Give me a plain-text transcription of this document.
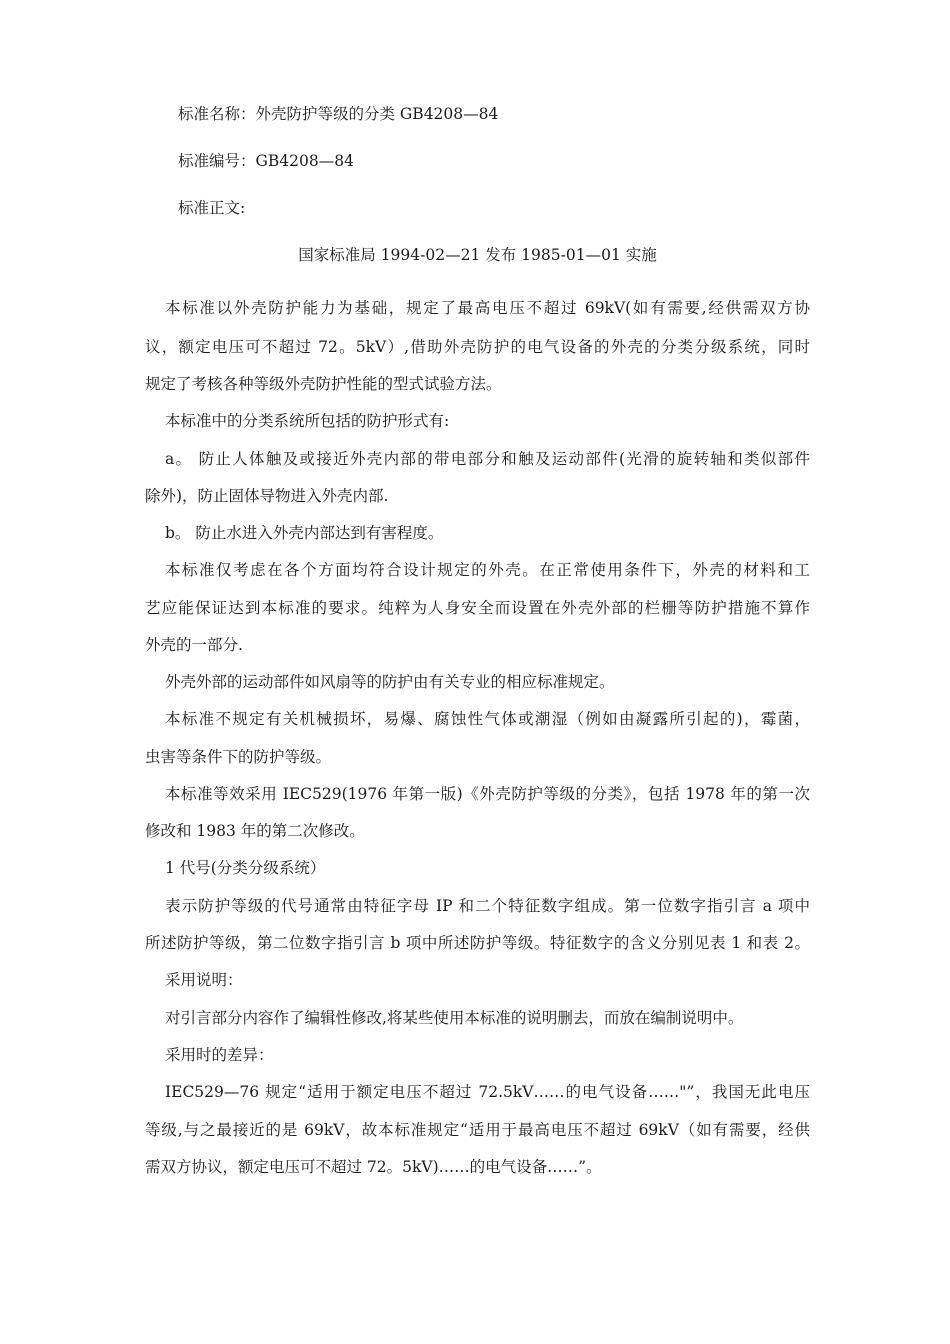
标准名称：外壳防护等级的分类 GB4208—84
标准编号：GB4208—84
标准正文:
国家标准局 1994-02—21 发布 1985-01—01 实施
本标准以外壳防护能力为基础，规定了最高电压不超过 69kV(如有需要,经供需双方协
议，额定电压可不超过 72。5kV）,借助外壳防护的电气设备的外壳的分类分级系统，同时
规定了考核各种等级外壳防护性能的型式试验方法。
本标准中的分类系统所包括的防护形式有:
a。 防止人体触及或接近外壳内部的带电部分和触及运动部件(光滑的旋转轴和类似部件
除外)，防止固体导物进入外壳内部.
b。 防止水进入外壳内部达到有害程度。
本标准仅考虑在各个方面均符合设计规定的外壳。在正常使用条件下，外壳的材料和工
艺应能保证达到本标准的要求。纯粹为人身安全而设置在外壳外部的栏栅等防护措施不算作
外壳的一部分.
外壳外部的运动部件如风扇等的防护由有关专业的相应标准规定。
本标准不规定有关机械损坏，易爆、腐蚀性气体或潮湿（例如由凝露所引起的)，霉菌，
虫害等条件下的防护等级。
本标准等效采用 IEC529(1976 年第一版)《外壳防护等级的分类》，包括 1978 年的第一次
修改和 1983 年的第二次修改。
1 代号(分类分级系统）
表示防护等级的代号通常由特征字母 IP 和二个特征数字组成。第一位数字指引言 a 项中
所述防护等级，第二位数字指引言 b 项中所述防护等级。特征数字的含义分别见表 1 和表 2。
采用说明：
对引言部分内容作了编辑性修改,将某些使用本标准的说明删去，而放在编制说明中。
采用时的差异：
IEC529—76 规定“适用于额定电压不超过 72.5kV……的电气设备……"”，我国无此电压
等级,与之最接近的是 69kV，故本标准规定“适用于最高电压不超过 69kV（如有需要，经供
需双方协议，额定电压可不超过 72。5kV)……的电气设备……”。
